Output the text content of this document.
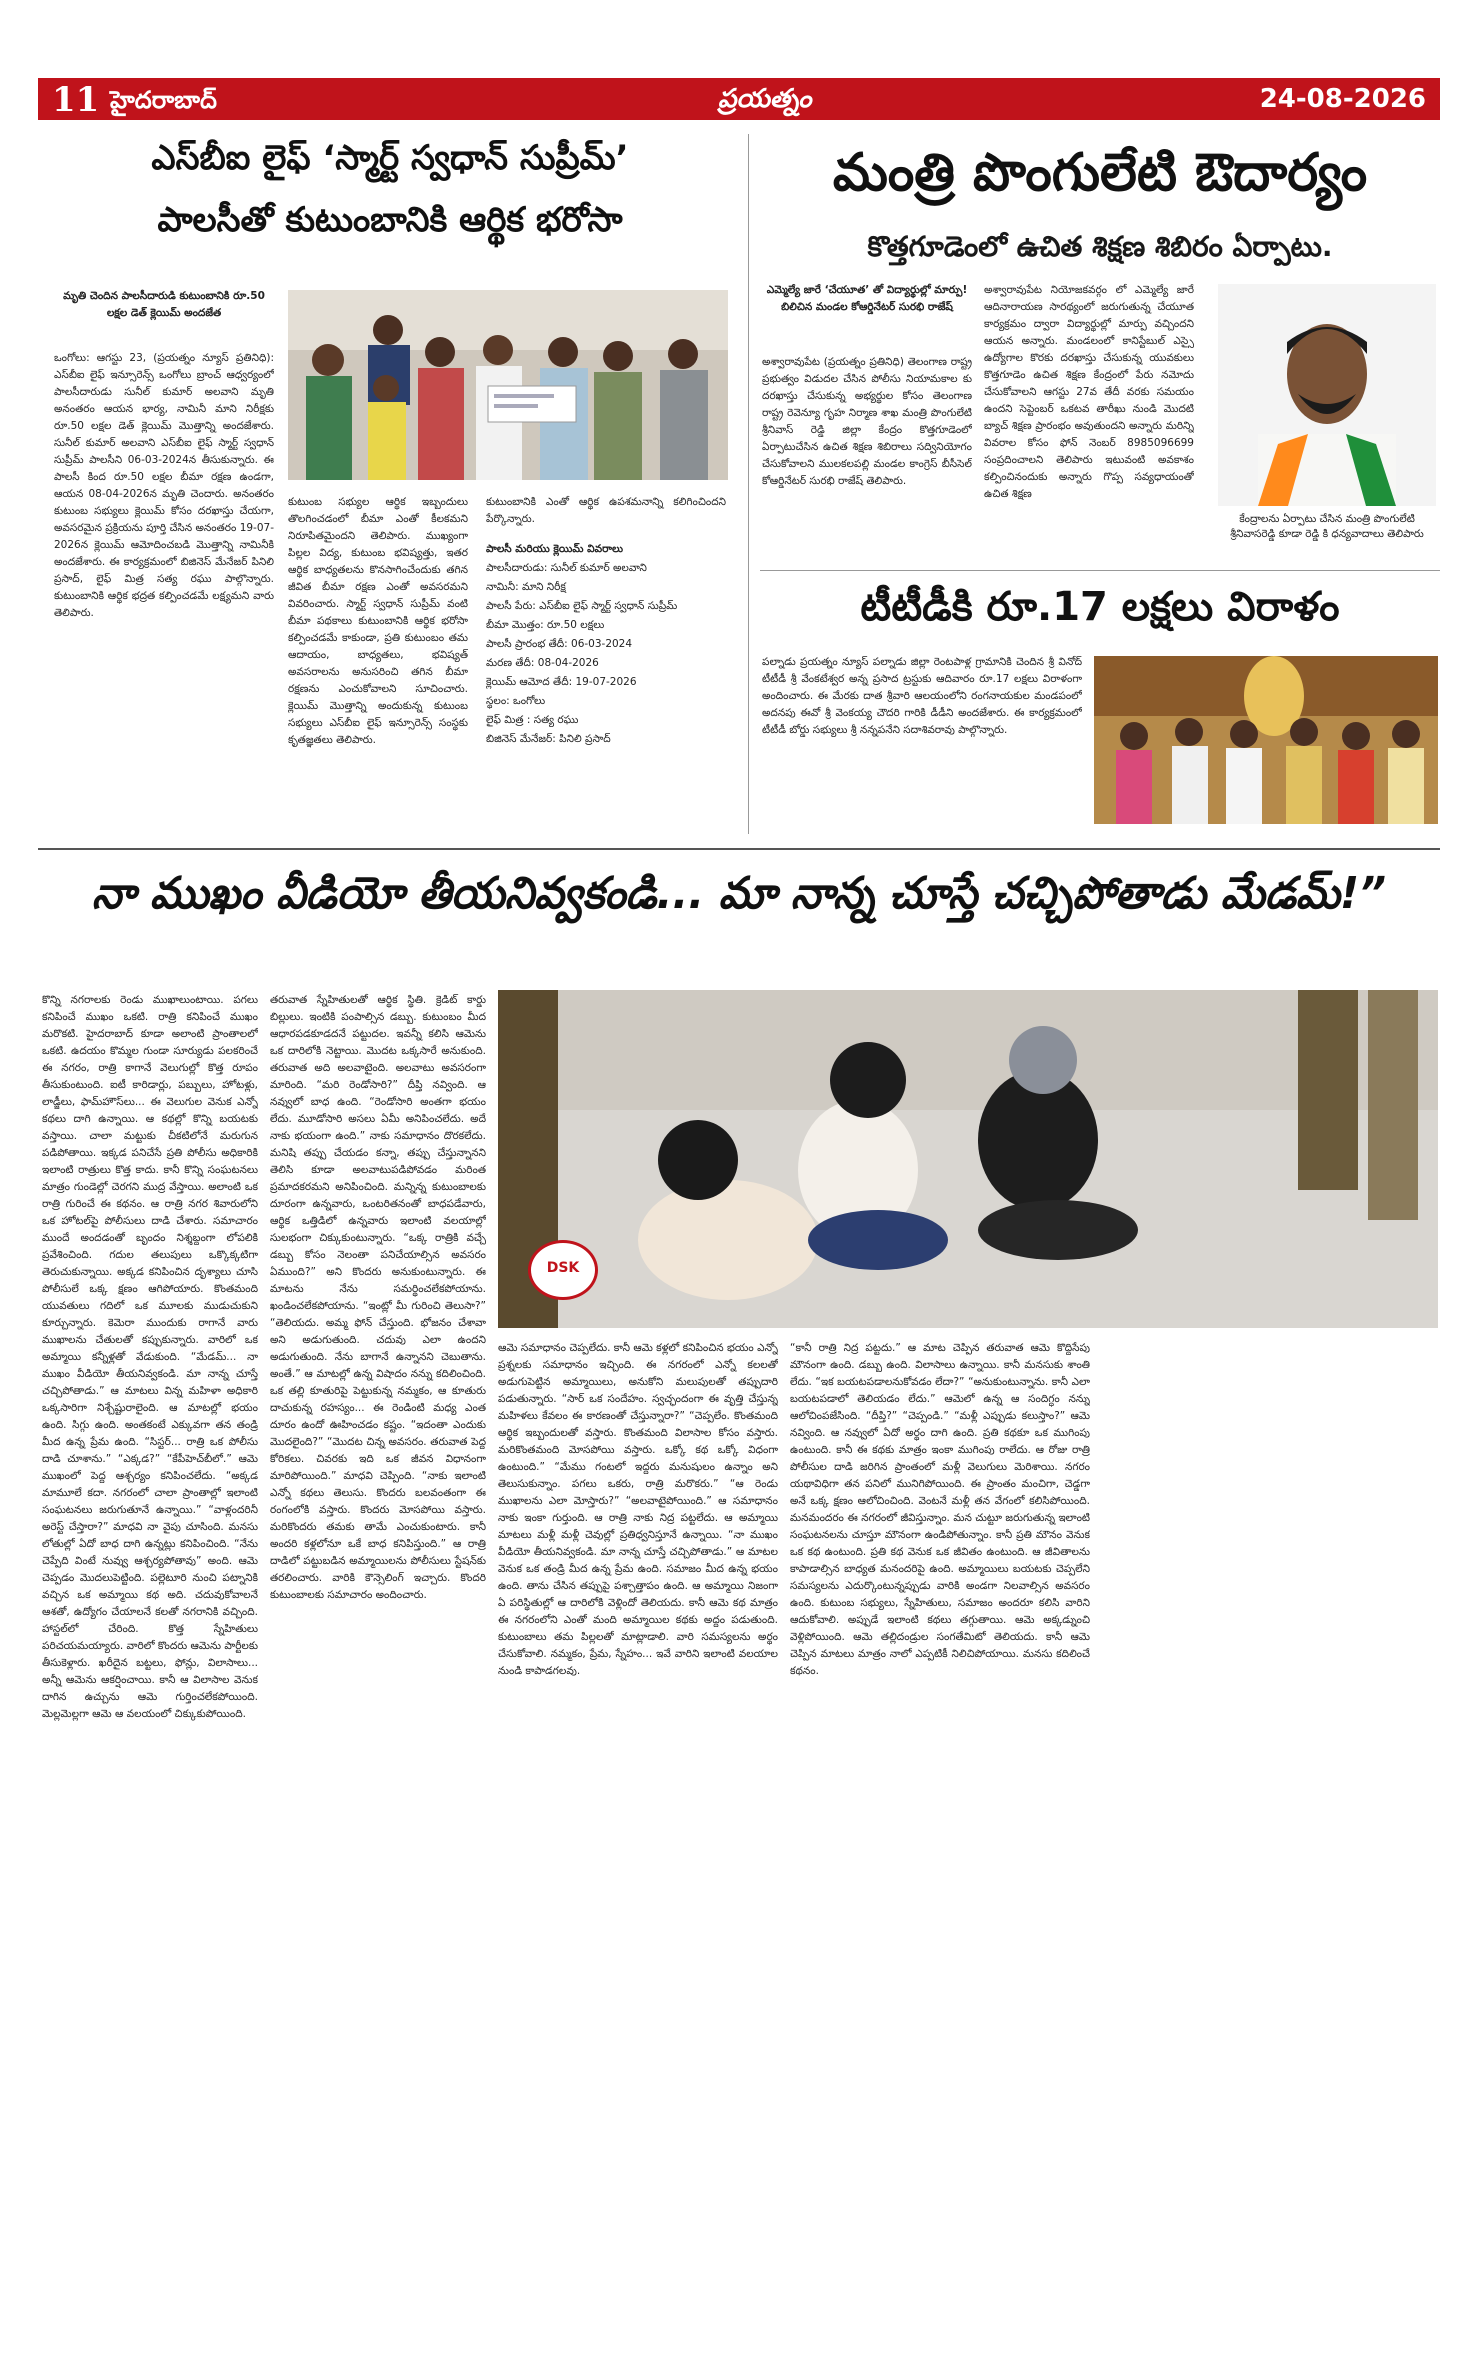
11 హైదరాబాద్	ప్రయత్నం	24-08-2026
ఎస్‌బీఐ లైఫ్ ‘స్మార్ట్ స్వధాన్ సుప్రీమ్’
పాలసీతో కుటుంబానికి ఆర్థిక భరోసా
మృతి చెందిన పాలసీదారుడి కుటుంబానికి రూ.50 లక్షల డెత్ క్లెయిమ్ అందజేత
ఒంగోలు: ఆగస్టు 23, (ప్రయత్నం న్యూస్ ప్రతినిధి): ఎస్‌బీఐ లైఫ్ ఇన్సూరెన్స్ ఒంగోలు బ్రాంచ్ ఆధ్వర్యంలో పాలసీదారుడు సునీల్ కుమార్ అలవాని మృతి అనంతరం ఆయన భార్య, నామినీ మాని నిరీక్షకు రూ.50 లక్షల డెత్ క్లెయిమ్ మొత్తాన్ని అందజేశారు. సునీల్ కుమార్ అలవాని ఎస్‌బీఐ లైఫ్ స్మార్ట్ స్వధాన్ సుప్రీమ్ పాలసీని 06-03-2024న తీసుకున్నారు. ఈ పాలసీ కింద రూ.50 లక్షల బీమా రక్షణ ఉండగా, ఆయన 08-04-2026న మృతి చెందారు. అనంతరం కుటుంబ సభ్యులు క్లెయిమ్ కోసం దరఖాస్తు చేయగా, అవసరమైన ప్రక్రియను పూర్తి చేసిన అనంతరం 19-07-2026న క్లెయిమ్ ఆమోదించబడి మొత్తాన్ని నామినీకి అందజేశారు. ఈ కార్యక్రమంలో బిజినెస్ మేనేజర్ పినిలి ప్రసాద్, లైఫ్ మిత్ర సత్య రఘు పాల్గొన్నారు. కుటుంబానికి ఆర్థిక భద్రత కల్పించడమే లక్ష్యమని వారు తెలిపారు.
కుటుంబ సభ్యుల ఆర్థిక ఇబ్బందులు తొలగించడంలో బీమా ఎంతో కీలకమని నిరూపితమైందని తెలిపారు. ముఖ్యంగా పిల్లల విద్య, కుటుంబ భవిష్యత్తు, ఇతర ఆర్థిక బాధ్యతలను కొనసాగించేందుకు తగిన జీవిత బీమా రక్షణ ఎంతో అవసరమని వివరించారు. స్మార్ట్ స్వధాన్ సుప్రీమ్ వంటి బీమా పథకాలు కుటుంబానికి ఆర్థిక భరోసా కల్పించడమే కాకుండా, ప్రతి కుటుంబం తమ ఆదాయం, బాధ్యతలు, భవిష్యత్ అవసరాలను అనుసరించి తగిన బీమా రక్షణను ఎంచుకోవాలని సూచించారు. క్లెయిమ్ మొత్తాన్ని అందుకున్న కుటుంబ సభ్యులు ఎస్‌బీఐ లైఫ్ ఇన్సూరెన్స్ సంస్థకు కృతజ్ఞతలు తెలిపారు.
కుటుంబానికి ఎంతో ఆర్థిక ఉపశమనాన్ని కలిగించిందని పేర్కొన్నారు.
పాలసీ మరియు క్లెయిమ్ వివరాలు
పాలసీదారుడు: సునీల్ కుమార్ అలవాని
నామినీ: మాని నిరీక్ష
పాలసీ పేరు: ఎస్‌బీఐ లైఫ్ స్మార్ట్ స్వధాన్ సుప్రీమ్
బీమా మొత్తం: రూ.50 లక్షలు
పాలసీ ప్రారంభ తేదీ: 06-03-2024
మరణ తేదీ: 08-04-2026
క్లెయిమ్ ఆమోద తేదీ: 19-07-2026
స్థలం: ఒంగోలు
లైఫ్ మిత్ర : సత్య రఘు
బిజినెస్ మేనేజర్: పినిలి ప్రసాద్
మంత్రి పొంగులేటి ఔదార్యం
కొత్తగూడెంలో ఉచిత శిక్షణ శిబిరం ఏర్పాటు.
ఎమ్మెల్యే జారే ‘చేయూత’ తో విద్యార్థుల్లో మార్పు! బిలిచిన మండల కోఆర్డినేటర్ సురభి రాజేష్
అశ్వారావుపేట (ప్రయత్నం ప్రతినిధి) తెలంగాణ రాష్ట్ర ప్రభుత్వం విడుదల చేసిన పోలీసు నియామకాల కు దరఖాస్తు చేసుకున్న అభ్యర్థుల కోసం తెలంగాణ రాష్ట్ర రెవెన్యూ గృహ నిర్మాణ శాఖ మంత్రి పొంగులేటి శ్రీనివాస్ రెడ్డి జిల్లా కేంద్రం కొత్తగూడెంలో ఏర్పాటుచేసిన ఉచిత శిక్షణ శిబిరాలు సద్వినియోగం చేసుకోవాలని ములకలపల్లి మండల కాంగ్రెస్ బీసీసెల్ కోఆర్డినేటర్ సురభి రాజేష్ తెలిపారు.
అశ్వారావుపేట నియోజకవర్గం లో ఎమ్మెల్యే జారే ఆదినారాయణ సారథ్యంలో జరుగుతున్న చేయూత కార్యక్రమం ద్వారా విద్యార్థుల్లో మార్పు వచ్చిందని ఆయన అన్నారు. మండలంలో కానిస్టేబుల్ ఎస్సై ఉద్యోగాల కొరకు దరఖాస్తు చేసుకున్న యువకులు కొత్తగూడెం ఉచిత శిక్షణ కేంద్రంలో పేరు నమోదు చేసుకోవాలని ఆగస్టు 27వ తేదీ వరకు సమయం ఉందని సెప్టెంబర్ ఒకటవ తారీఖు నుండి మొదటి బ్యాచ్ శిక్షణ ప్రారంభం అవుతుందని అన్నారు మరిన్ని వివరాల కోసం ఫోన్ నెంబర్ 8985096699 సంప్రదించాలని తెలిపారు ఇటువంటి అవకాశం కల్పించినందుకు అన్నారు గొప్ప సవ్యధాయంతో ఉచిత శిక్షణ
కేంద్రాలను ఏర్పాటు చేసిన మంత్రి పొంగులేటి శ్రీనివాసరెడ్డి కూడా రెడ్డి కి ధన్యవాదాలు తెలిపారు
టీటీడీకి రూ.17 లక్షలు విరాళం
పల్నాడు ప్రయత్నం న్యూస్ పల్నాడు జిల్లా రెంటపాళ్ల గ్రామానికి చెందిన శ్రీ వినోద్ టీటీడీ శ్రీ వేంకటేశ్వర అన్న ప్రసాద ట్రస్టుకు ఆదివారం రూ.17 లక్షలు విరాళంగా అందించారు. ఈ మేరకు దాత శ్రీవారి ఆలయంలోని రంగనాయకుల మండపంలో అదనపు ఈవో శ్రీ వెంకయ్య చౌదరి గారికి డీడీని అందజేశారు. ఈ కార్యక్రమంలో టీటీడీ బోర్డు సభ్యులు శ్రీ నన్నపనేని సదాశివరావు పాల్గొన్నారు.
నా ముఖం వీడియో తీయనివ్వకండి... మా నాన్న చూస్తే చచ్చిపోతాడు మేడమ్!”
కొన్ని నగరాలకు రెండు ముఖాలుంటాయి. పగలు కనిపించే ముఖం ఒకటి. రాత్రి కనిపించే ముఖం మరొకటి. హైదరాబాద్ కూడా అలాంటి ప్రాంతాలలో ఒకటి. ఉదయం కొమ్మల గుండా సూర్యుడు పలకరించే ఈ నగరం, రాత్రి కాగానే వెలుగుల్లో కొత్త రూపం తీసుకుంటుంది. ఐటీ కారిడార్లు, పబ్బులు, హోటళ్లు, లాడ్జీలు, ఫామ్‌హౌస్‌లు... ఈ వెలుగుల వెనుక ఎన్నో కథలు దాగి ఉన్నాయి. ఆ కథల్లో కొన్ని బయటకు వస్తాయి. చాలా మట్టుకు చీకటిలోనే మరుగున పడిపోతాయి. ఇక్కడ పనిచేసే ప్రతి పోలీసు అధికారికి ఇలాంటి రాత్రులు కొత్త కాదు. కానీ కొన్ని సంఘటనలు మాత్రం గుండెల్లో చెరగని ముద్ర వేస్తాయి. అలాంటి ఒక రాత్రి గురించే ఈ కథనం. ఆ రాత్రి నగర శివారులోని ఒక హోటల్‌పై పోలీసులు దాడి చేశారు. సమాచారం ముందే అందడంతో బృందం నిశ్శబ్దంగా లోపలికి ప్రవేశించింది. గదుల తలుపులు ఒక్కొక్కటిగా తెరుచుకున్నాయి. అక్కడ కనిపించిన దృశ్యాలు చూసి పోలీసులే ఒక్క క్షణం ఆగిపోయారు. కొంతమంది యువతులు గదిలో ఒక మూలకు ముడుచుకుని కూర్చున్నారు. కెమెరా ముందుకు రాగానే వారు ముఖాలను చేతులతో కప్పుకున్నారు. వారిలో ఒక అమ్మాయి కన్నీళ్లతో వేడుకుంది. “మేడమ్... నా ముఖం వీడియో తీయనివ్వకండి. మా నాన్న చూస్తే చచ్చిపోతాడు.” ఆ మాటలు విన్న మహిళా అధికారి ఒక్కసారిగా నిశ్చేష్టురాలైంది. ఆ మాటల్లో భయం ఉంది. సిగ్గు ఉంది. అంతకంటే ఎక్కువగా తన తండ్రి మీద ఉన్న ప్రేమ ఉంది. “సిస్టర్... రాత్రి ఒక పోలీసు దాడి చూశాను.” “ఎక్కడ?” “కేపీహెచ్‌బీలో.” ఆమె ముఖంలో పెద్ద ఆశ్చర్యం కనిపించలేదు. “అక్కడ మామూలే కదా. నగరంలో చాలా ప్రాంతాల్లో ఇలాంటి సంఘటనలు జరుగుతూనే ఉన్నాయి.” “వాళ్లందరినీ అరెస్ట్ చేస్తారా?” మాధవి నా వైపు చూసింది. మనసు లోతుల్లో ఏదో బాధ దాగి ఉన్నట్లు కనిపించింది. “నేను చెప్పేది వింటే నువ్వు ఆశ్చర్యపోతావు” అంది. ఆమె చెప్పడం మొదలుపెట్టింది. పల్లెటూరి నుంచి పట్నానికి వచ్చిన ఒక అమ్మాయి కథ అది. చదువుకోవాలనే ఆశతో, ఉద్యోగం చేయాలనే కలతో నగరానికి వచ్చింది. హాస్టల్‌లో చేరింది. కొత్త స్నేహితులు పరిచయమయ్యారు. వారిలో కొందరు ఆమెను పార్టీలకు తీసుకెళ్లారు. ఖరీదైన బట్టలు, ఫోన్లు, విలాసాలు... అన్నీ ఆమెను ఆకర్షించాయి. కానీ ఆ విలాసాల వెనుక దాగిన ఉచ్చును ఆమె గుర్తించలేకపోయింది. మెల్లమెల్లగా ఆమె ఆ వలయంలో చిక్కుకుపోయింది.
తరువాత స్నేహితులతో ఆర్థిక స్థితి. క్రెడిట్ కార్డు బిల్లులు. ఇంటికి పంపాల్సిన డబ్బు. కుటుంబం మీద ఆధారపడకూడదనే పట్టుదల. ఇవన్నీ కలిసి ఆమెను ఒక దారిలోకి నెట్టాయి. మొదట ఒక్కసారే అనుకుంది. తరువాత అది అలవాటైంది. అలవాటు అవసరంగా మారింది. “మరి రెండోసారి?” దీప్తి నవ్వింది. ఆ నవ్వులో బాధ ఉంది. “రెండోసారి అంతగా భయం లేదు. మూడోసారి అసలు ఏమీ అనిపించలేదు. అదే నాకు భయంగా ఉంది.” నాకు సమాధానం దొరకలేదు. మనిషి తప్పు చేయడం కన్నా, తప్పు చేస్తున్నానని తెలిసి కూడా అలవాటుపడిపోవడం మరింత ప్రమాదకరమని అనిపించింది. మన్నిన్న కుటుంబాలకు దూరంగా ఉన్నవారు, ఒంటరితనంతో బాధపడేవారు, ఆర్థిక ఒత్తిడిలో ఉన్నవారు ఇలాంటి వలయాల్లో సులభంగా చిక్కుకుంటున్నారు. “ఒక్క రాత్రికి వచ్చే డబ్బు కోసం నెలంతా పనిచేయాల్సిన అవసరం ఏముంది?” అని కొందరు అనుకుంటున్నారు. ఈ మాటను నేను సమర్థించలేకపోయాను. ఖండించలేకపోయాను. “ఇంట్లో మీ గురించి తెలుసా?” “తెలియదు. అమ్మ ఫోన్ చేస్తుంది. భోజనం చేశావా అని అడుగుతుంది. చదువు ఎలా ఉందని అడుగుతుంది. నేను బాగానే ఉన్నానని చెబుతాను. అంతే.” ఆ మాటల్లో ఉన్న విషాదం నన్ను కదిలించింది. ఒక తల్లి కూతురిపై పెట్టుకున్న నమ్మకం, ఆ కూతురు దాచుకున్న రహస్యం... ఈ రెండింటి మధ్య ఎంత దూరం ఉందో ఊహించడం కష్టం. “ఇదంతా ఎందుకు మొదలైంది?” “మొదట చిన్న అవసరం. తరువాత పెద్ద కోరికలు. చివరకు ఇది ఒక జీవన విధానంగా మారిపోయింది.” మాధవి చెప్పింది. “నాకు ఇలాంటి ఎన్నో కథలు తెలుసు. కొందరు బలవంతంగా ఈ రంగంలోకి వస్తారు. కొందరు మోసపోయి వస్తారు. మరికొందరు తమకు తామే ఎంచుకుంటారు. కానీ అందరి కళ్లలోనూ ఒకే బాధ కనిపిస్తుంది.” ఆ రాత్రి దాడిలో పట్టుబడిన అమ్మాయిలను పోలీసులు స్టేషన్‌కు తరలించారు. వారికి కౌన్సెలింగ్ ఇచ్చారు. కొందరి కుటుంబాలకు సమాచారం అందించారు.
DSK
ఆమె సమాధానం చెప్పలేదు. కానీ ఆమె కళ్లలో కనిపించిన భయం ఎన్నో ప్రశ్నలకు సమాధానం ఇచ్చింది. ఈ నగరంలో ఎన్నో కలలతో అడుగుపెట్టిన అమ్మాయిలు, అనుకోని మలుపులతో తప్పుదారి పడుతున్నారు. “సార్ ఒక సందేహం. స్వచ్ఛందంగా ఈ వృత్తి చేస్తున్న మహిళలు కేవలం ఈ కారణంతో చేస్తున్నారా?” “చెప్పలేం. కొంతమంది ఆర్థిక ఇబ్బందులతో వస్తారు. కొంతమంది విలాసాల కోసం వస్తారు. మరికొంతమంది మోసపోయి వస్తారు. ఒక్కో కథ ఒక్కో విధంగా ఉంటుంది.” “మేము గంటలో ఇద్దరు మనుషులం ఉన్నాం అని తెలుసుకున్నాం. పగలు ఒకరు, రాత్రి మరొకరు.” “ఆ రెండు ముఖాలను ఎలా మోస్తారు?” “అలవాటైపోయింది.” ఆ సమాధానం నాకు ఇంకా గుర్తుంది. ఆ రాత్రి నాకు నిద్ర పట్టలేదు. ఆ అమ్మాయి మాటలు మళ్లీ మళ్లీ చెవుల్లో ప్రతిధ్వనిస్తూనే ఉన్నాయి. “నా ముఖం వీడియో తీయనివ్వకండి. మా నాన్న చూస్తే చచ్చిపోతాడు.” ఆ మాటల వెనుక ఒక తండ్రి మీద ఉన్న ప్రేమ ఉంది. సమాజం మీద ఉన్న భయం ఉంది. తాను చేసిన తప్పుపై పశ్చాత్తాపం ఉంది. ఆ అమ్మాయి నిజంగా ఏ పరిస్థితుల్లో ఆ దారిలోకి వెళ్లిందో తెలియదు. కానీ ఆమె కథ మాత్రం ఈ నగరంలోని ఎంతో మంది అమ్మాయిల కథకు అద్దం పడుతుంది. కుటుంబాలు తమ పిల్లలతో మాట్లాడాలి. వారి సమస్యలను అర్థం చేసుకోవాలి. నమ్మకం, ప్రేమ, స్నేహం... ఇవే వారిని ఇలాంటి వలయాల నుండి కాపాడగలవు.
“కానీ రాత్రి నిద్ర పట్టదు.” ఆ మాట చెప్పిన తరువాత ఆమె కొద్దిసేపు మౌనంగా ఉంది. డబ్బు ఉంది. విలాసాలు ఉన్నాయి. కానీ మనసుకు శాంతి లేదు. “ఇక బయటపడాలనుకోవడం లేదా?” “అనుకుంటున్నాను. కానీ ఎలా బయటపడాలో తెలియడం లేదు.” ఆమెలో ఉన్న ఆ సందిగ్ధం నన్ను ఆలోచింపజేసింది. “దీప్తి?” “చెప్పండి.” “మళ్లీ ఎప్పుడు కలుస్తాం?” ఆమె నవ్వింది. ఆ నవ్వులో ఏదో అర్థం దాగి ఉంది. ప్రతి కథకూ ఒక ముగింపు ఉంటుంది. కానీ ఈ కథకు మాత్రం ఇంకా ముగింపు రాలేదు. ఆ రోజు రాత్రి పోలీసుల దాడి జరిగిన ప్రాంతంలో మళ్లీ వెలుగులు మెరిశాయి. నగరం యథావిధిగా తన పనిలో మునిగిపోయింది. ఈ ప్రాంతం మంచిగా, చెడ్డగా అనే ఒక్క క్షణం ఆలోచించింది. వెంటనే మళ్లీ తన వేగంలో కలిసిపోయింది. మనమందరం ఈ నగరంలో జీవిస్తున్నాం. మన చుట్టూ జరుగుతున్న ఇలాంటి సంఘటనలను చూస్తూ మౌనంగా ఉండిపోతున్నాం. కానీ ప్రతి మౌనం వెనుక ఒక కథ ఉంటుంది. ప్రతి కథ వెనుక ఒక జీవితం ఉంటుంది. ఆ జీవితాలను కాపాడాల్సిన బాధ్యత మనందరిపై ఉంది. అమ్మాయిలు బయటకు చెప్పలేని సమస్యలను ఎదుర్కొంటున్నప్పుడు వారికి అండగా నిలవాల్సిన అవసరం ఉంది. కుటుంబ సభ్యులు, స్నేహితులు, సమాజం అందరూ కలిసి వారిని ఆదుకోవాలి. అప్పుడే ఇలాంటి కథలు తగ్గుతాయి. ఆమె అక్కడ్నుంచి వెళ్లిపోయింది. ఆమె తల్లిదండ్రుల సంగతేమిటో తెలియదు. కానీ ఆమె చెప్పిన మాటలు మాత్రం నాలో ఎప్పటికీ నిలిచిపోయాయి. మనసు కదిలించే కథనం.
